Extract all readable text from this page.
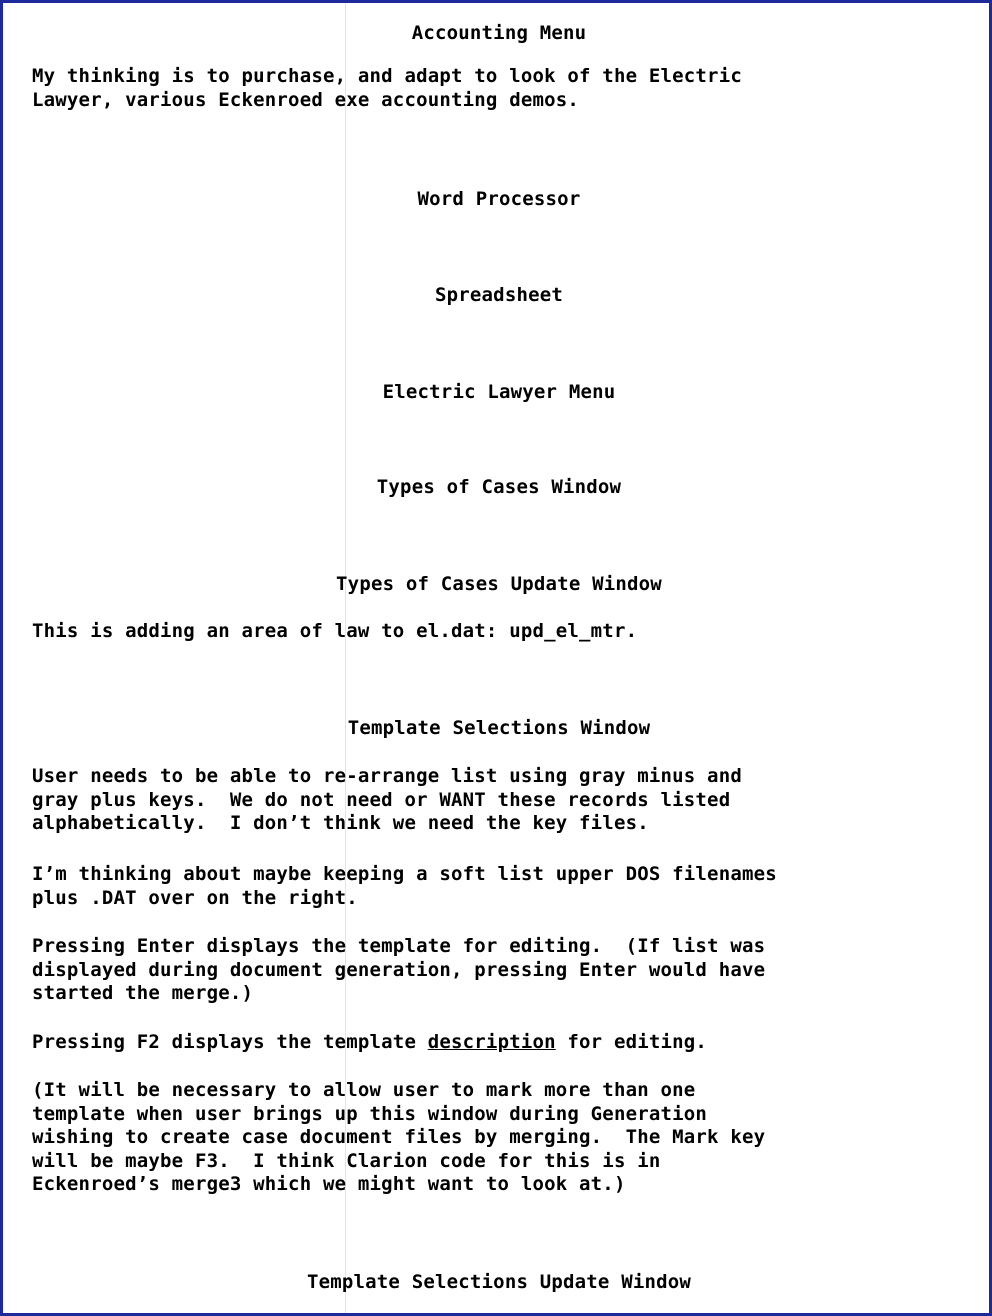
Accounting Menu

My thinking is to purchase, and adapt to look of the Electric
Lawyer, various Eckenroed exe accounting demos.

Word Processor

Spreadsheet

Electric Lawyer Menu

Types of Cases Window

Types of Cases Update Window

This is adding an area of law to el.dat: upd_el_mtr.

Template Selections Window

User needs to be able to re-arrange list using gray minus and
gray plus keys.  We do not need or WANT these records listed
alphabetically.  I don’t think we need the key files.

I’m thinking about maybe keeping a soft list upper DOS filenames
plus .DAT over on the right.

Pressing Enter displays the template for editing.  (If list was
displayed during document generation, pressing Enter would have
started the merge.)

Pressing F2 displays the template description for editing.

(It will be necessary to allow user to mark more than one
template when user brings up this window during Generation
wishing to create case document files by merging.  The Mark key
will be maybe F3.  I think Clarion code for this is in
Eckenroed’s merge3 which we might want to look at.)

Template Selections Update Window
